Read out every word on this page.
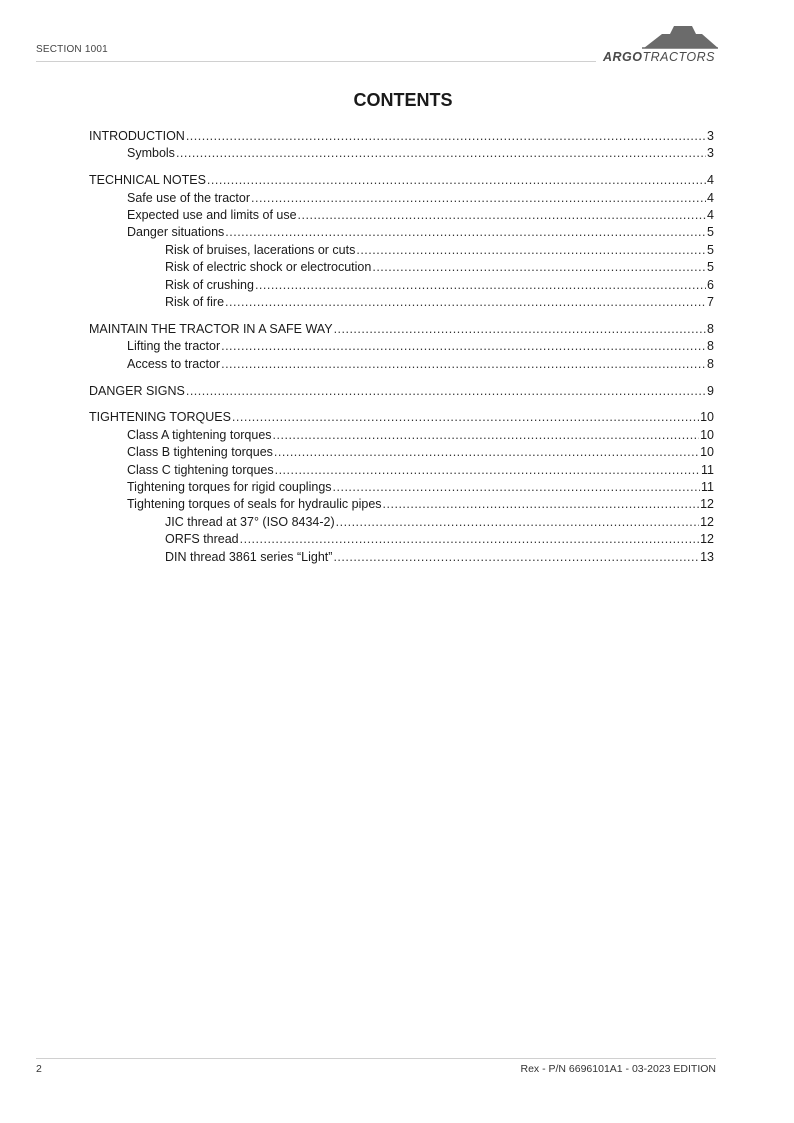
SECTION 1001
ARGOTRACTORS
CONTENTS
INTRODUCTION .....	3
Symbols .....	3
TECHNICAL NOTES .....	4
Safe use of the tractor .....	4
Expected use and limits of use .....	4
Danger situations .....	5
Risk of bruises, lacerations or cuts .....	5
Risk of electric shock or electrocution .....	5
Risk of crushing .....	6
Risk of fire .....	7
MAINTAIN THE TRACTOR IN A SAFE WAY .....	8
Lifting the tractor .....	8
Access to tractor .....	8
DANGER SIGNS .....	9
TIGHTENING TORQUES .....	10
Class A tightening torques .....	10
Class B tightening torques .....	10
Class C tightening torques .....	11
Tightening torques for rigid couplings .....	11
Tightening torques of seals for hydraulic pipes .....	12
JIC thread at 37° (ISO 8434-2) .....	12
ORFS thread .....	12
DIN thread 3861 series “Light” .....	13
2	Rex - P/N 6696101A1 - 03-2023 EDITION
